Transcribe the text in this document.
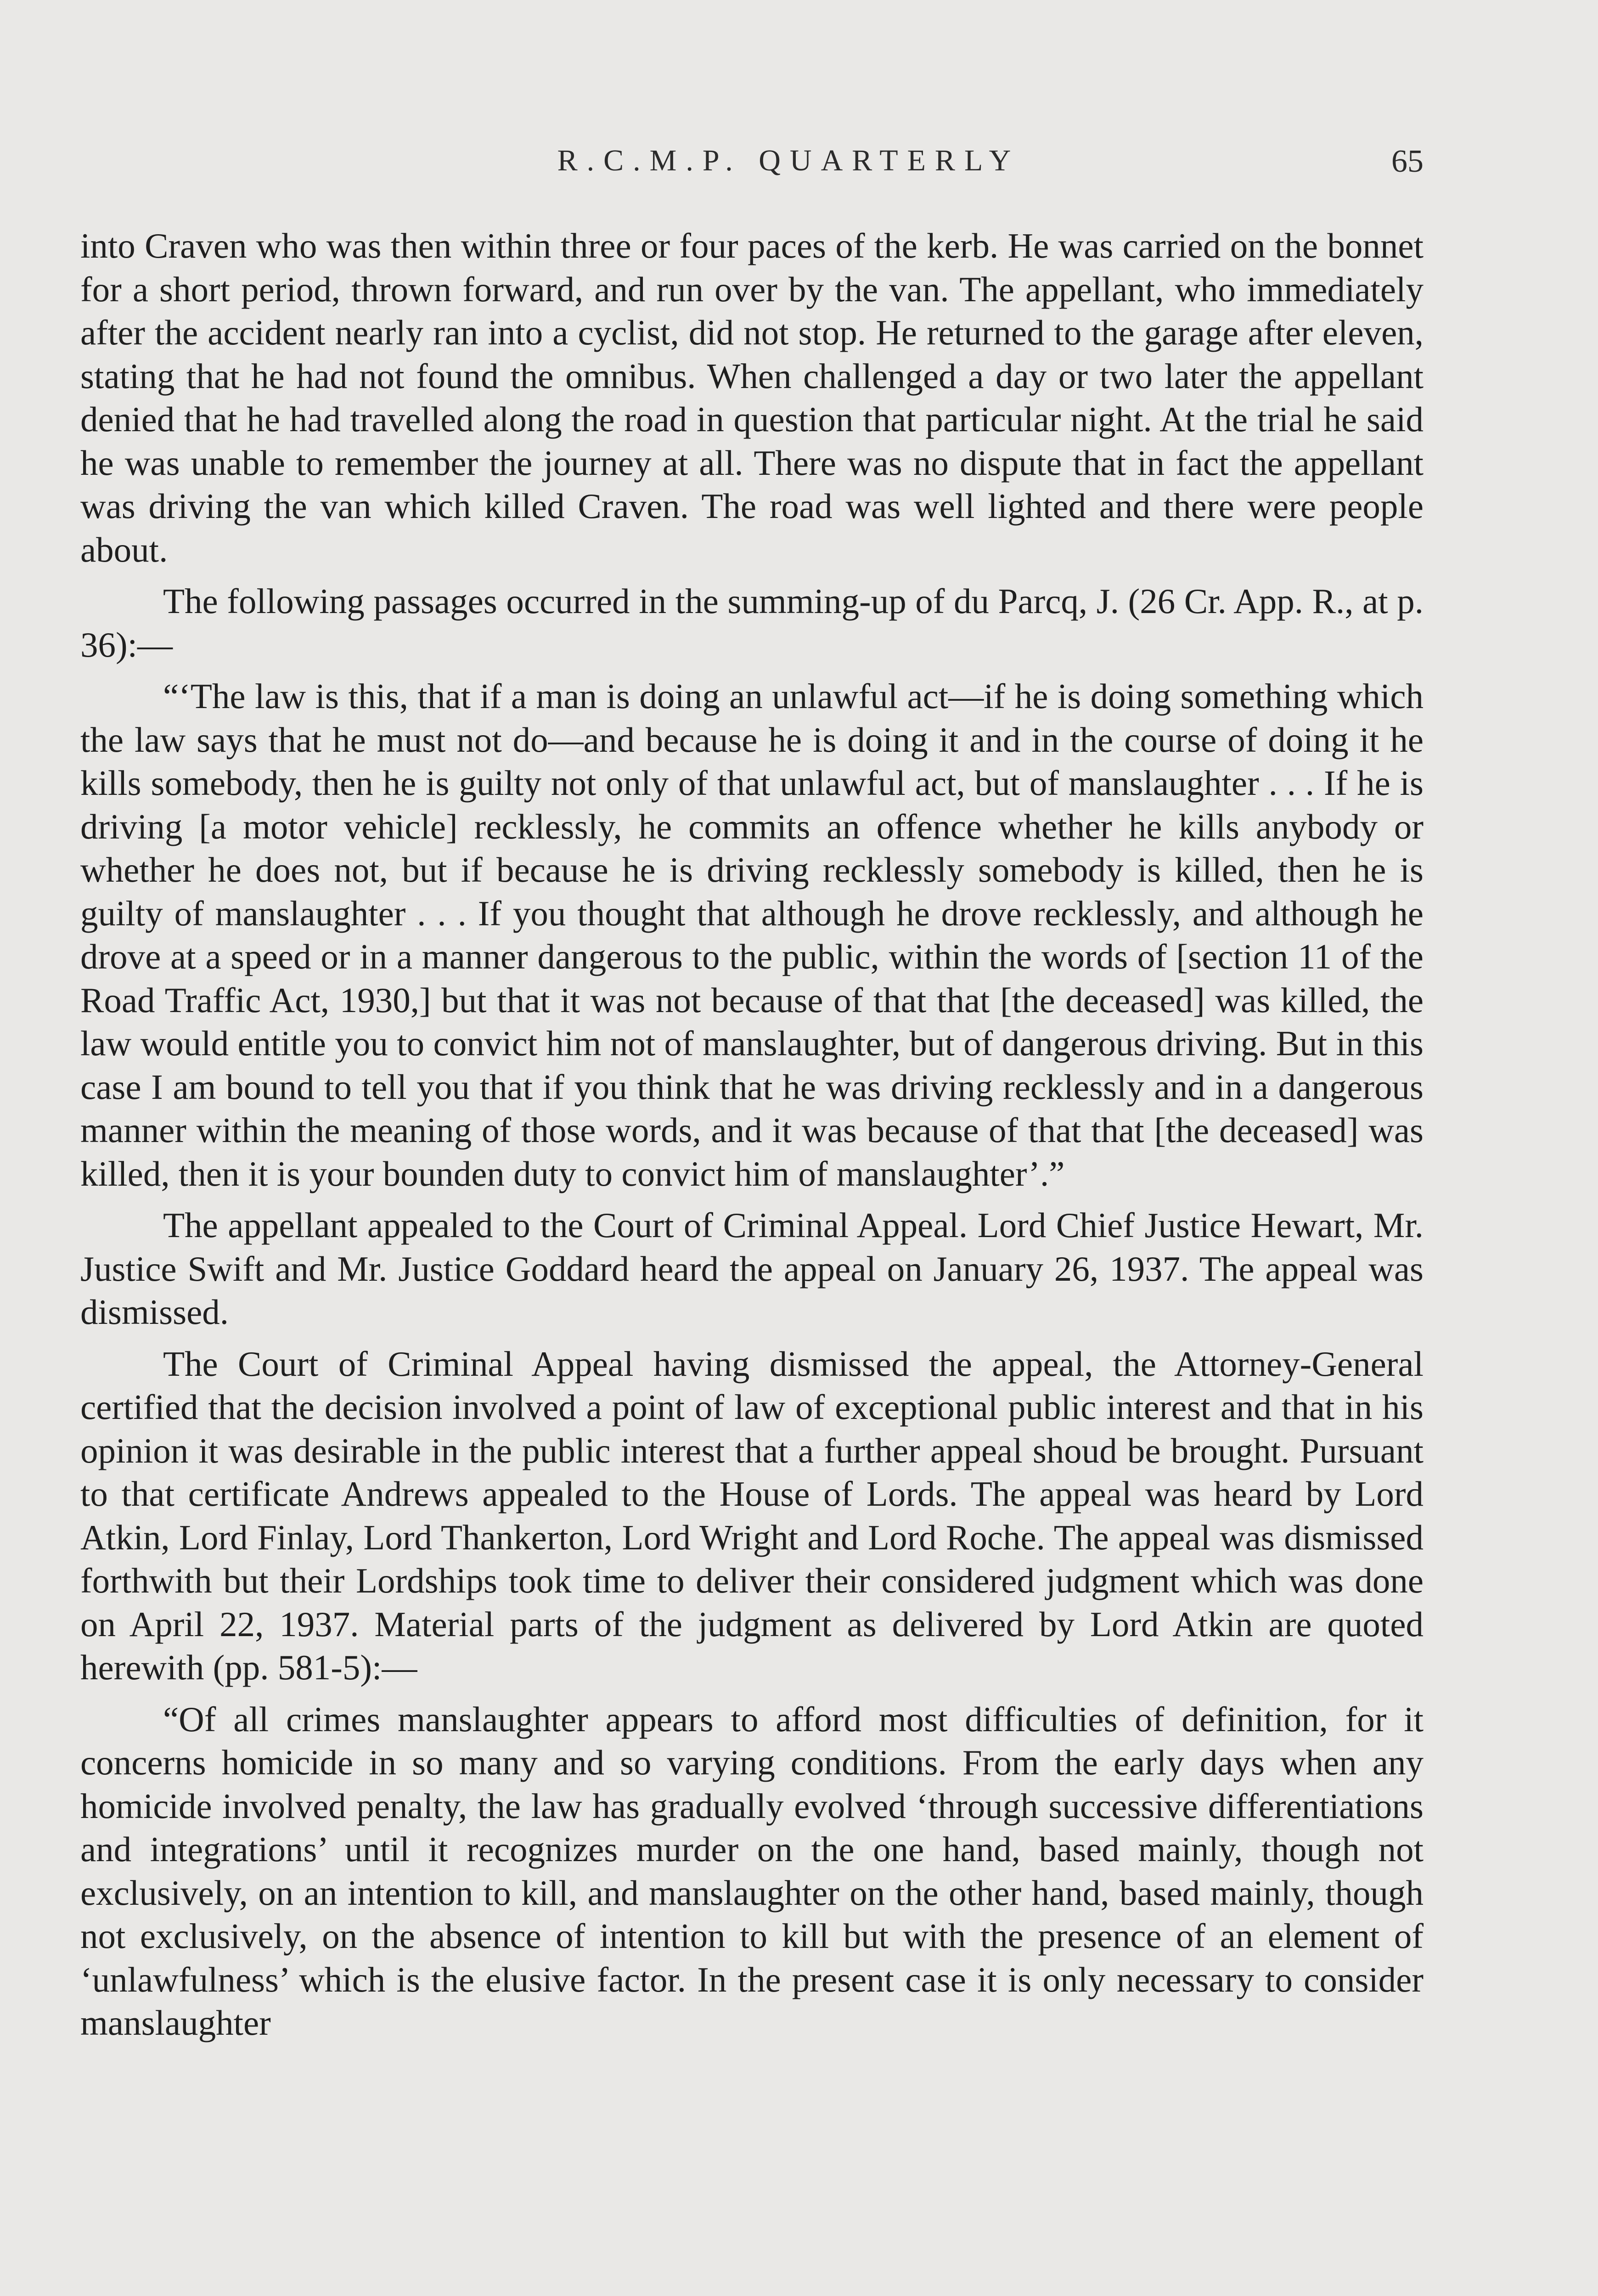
R.C.M.P. QUARTERLY	65

into Craven who was then within three or four paces of the kerb. He was carried on the bonnet for a short period, thrown forward, and run over by the van. The appellant, who immediately after the accident nearly ran into a cyclist, did not stop. He returned to the garage after eleven, stating that he had not found the omnibus. When challenged a day or two later the appellant denied that he had travelled along the road in question that particular night. At the trial he said he was unable to remember the journey at all. There was no dispute that in fact the appellant was driving the van which killed Craven. The road was well lighted and there were people about.

The following passages occurred in the summing-up of du Parcq, J. (26 Cr. App. R., at p. 36):—

“‘The law is this, that if a man is doing an unlawful act—if he is doing something which the law says that he must not do—and because he is doing it and in the course of doing it he kills somebody, then he is guilty not only of that unlawful act, but of manslaughter . . . If he is driving [a motor vehicle] recklessly, he commits an offence whether he kills anybody or whether he does not, but if because he is driving recklessly somebody is killed, then he is guilty of manslaughter . . . If you thought that although he drove recklessly, and although he drove at a speed or in a manner dangerous to the public, within the words of [section 11 of the Road Traffic Act, 1930,] but that it was not because of that that [the deceased] was killed, the law would entitle you to convict him not of manslaughter, but of dangerous driving. But in this case I am bound to tell you that if you think that he was driving recklessly and in a dangerous manner within the meaning of those words, and it was because of that that [the deceased] was killed, then it is your bounden duty to convict him of manslaughter’.”

The appellant appealed to the Court of Criminal Appeal. Lord Chief Justice Hewart, Mr. Justice Swift and Mr. Justice Goddard heard the appeal on January 26, 1937. The appeal was dismissed.

The Court of Criminal Appeal having dismissed the appeal, the Attorney-General certified that the decision involved a point of law of exceptional public interest and that in his opinion it was desirable in the public interest that a further appeal shoud be brought. Pursuant to that certificate Andrews appealed to the House of Lords. The appeal was heard by Lord Atkin, Lord Finlay, Lord Thankerton, Lord Wright and Lord Roche. The appeal was dismissed forthwith but their Lordships took time to deliver their considered judgment which was done on April 22, 1937. Material parts of the judgment as delivered by Lord Atkin are quoted herewith (pp. 581-5):—

“Of all crimes manslaughter appears to afford most difficulties of definition, for it concerns homicide in so many and so varying conditions. From the early days when any homicide involved penalty, the law has gradually evolved ‘through successive differentiations and integrations’ until it recognizes murder on the one hand, based mainly, though not exclusively, on an intention to kill, and manslaughter on the other hand, based mainly, though not exclusively, on the absence of intention to kill but with the presence of an element of ‘unlawfulness’ which is the elusive factor. In the present case it is only necessary to consider manslaughter
